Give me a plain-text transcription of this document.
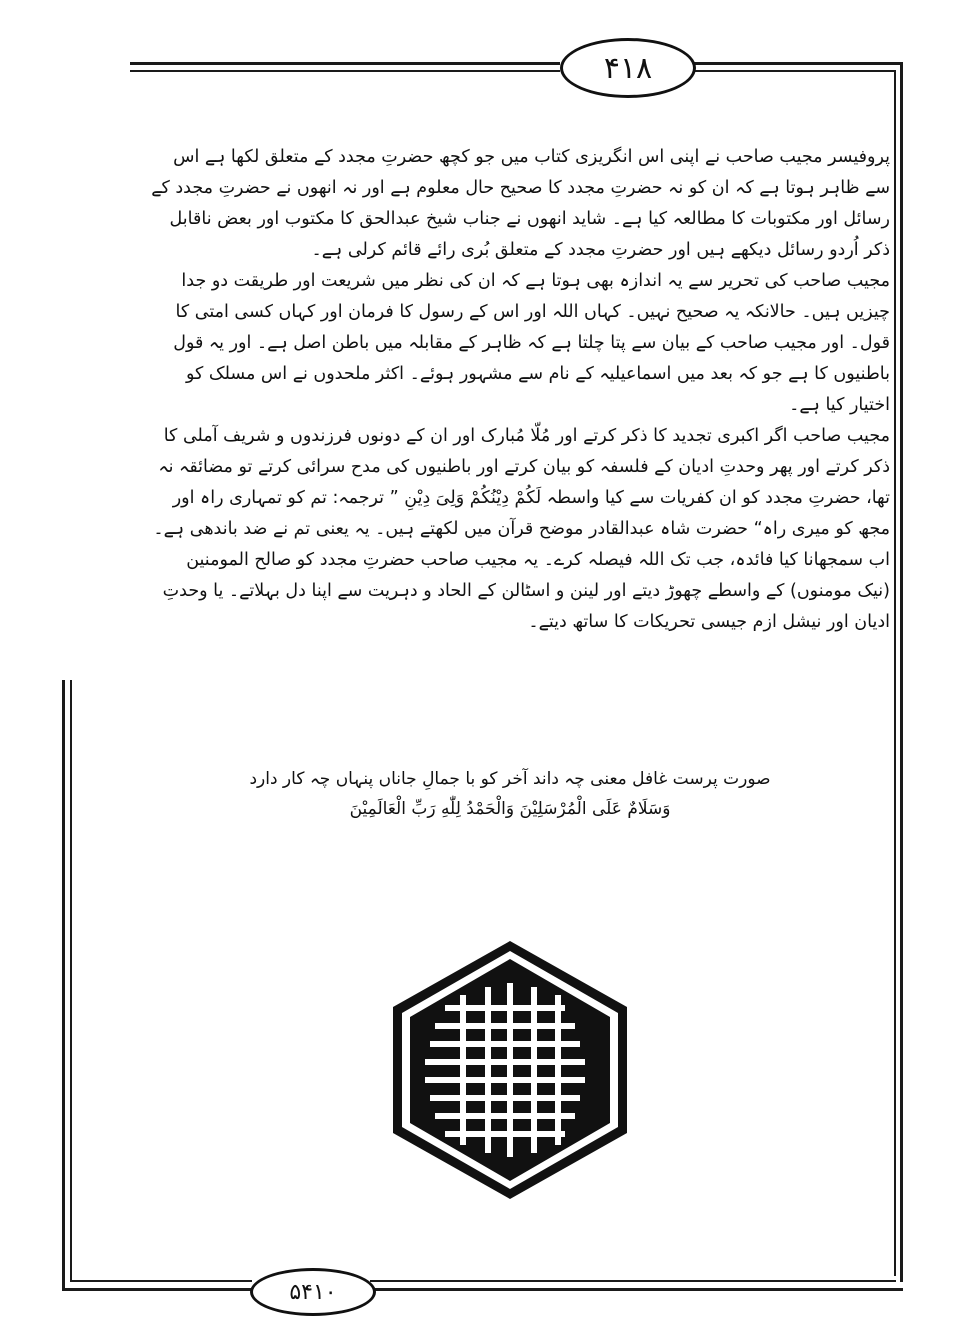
۴۱۸

پروفیسر مجیب صاحب نے اپنی اس انگریزی کتاب میں جو کچھ حضرتِ مجدد کے متعلق لکھا ہے اس سے ظاہر ہوتا ہے کہ ان کو نہ حضرتِ مجدد کا صحیح حال معلوم ہے اور نہ انھوں نے حضرتِ مجدد کے رسائل اور مکتوبات کا مطالعہ کیا ہے۔ شاید انھوں نے جناب شیخ عبدالحق کا مکتوب اور بعض ناقابل ذکر اُردو رسائل دیکھے ہیں اور حضرتِ مجدد کے متعلق بُری رائے قائم کرلی ہے۔

مجیب صاحب کی تحریر سے یہ اندازہ بھی ہوتا ہے کہ ان کی نظر میں شریعت اور طریقت دو جدا چیزیں ہیں۔ حالانکہ یہ صحیح نہیں۔ کہاں اللہ اور اس کے رسول کا فرمان اور کہاں کسی امتی کا قول۔ اور مجیب صاحب کے بیان سے پتا چلتا ہے کہ ظاہر کے مقابلہ میں باطن اصل ہے۔ اور یہ قول باطنیوں کا ہے جو کہ بعد میں اسماعیلیہ کے نام سے مشہور ہوئے۔ اکثر ملحدوں نے اس مسلک کو اختیار کیا ہے۔

مجیب صاحب اگر اکبری تجدید کا ذکر کرتے اور مُلّا مُبارک اور ان کے دونوں فرزندوں و شریف آملی کا ذکر کرتے اور پھر وحدتِ ادیان کے فلسفہ کو بیان کرتے اور باطنیوں کی مدح سرائی کرتے تو مضائقہ نہ تھا، حضرتِ مجدد کو ان کفریات سے کیا واسطہ لَکُمْ دِیْنُکُمْ وَلِیَ دِیْنِ ” ترجمہ: تم کو تمہاری راہ اور مجھ کو میری راہ“ حضرت شاہ عبدالقادر موضح قرآن میں لکھتے ہیں۔ یہ یعنی تم نے ضد باندھی ہے۔ اب سمجھانا کیا فائدہ، جب تک اللہ فیصلہ کرے۔ یہ مجیب صاحب حضرتِ مجدد کو صالح المومنین (نیک مومنوں) کے واسطے چھوڑ دیتے اور لینن و اسٹالن کے الحاد و دہریت سے اپنا دل بہلاتے۔ یا وحدتِ ادیان اور نیشل ازم جیسی تحریکات کا ساتھ دیتے۔

صورت پرست غافل معنی چہ داند آخر کو با جمالِ جاناں پنہاں چہ کار دارد
وَسَلَامٌ عَلَى الْمُرْسَلِيْنَ وَالْحَمْدُ لِلّٰهِ رَبِّ الْعَالَمِيْنَ
۵۴۱۰
